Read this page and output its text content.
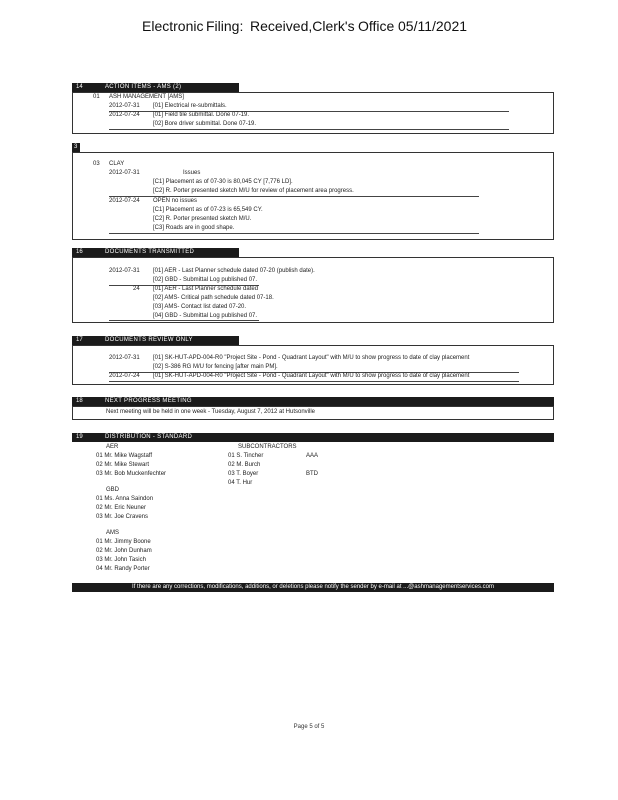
Electronic Filing: Received,Clerk's Office 05/11/2021
14	ACTION ITEMS - AMS (2)
01 ASH MANAGEMENT [AMS]
2012-07-31 [01] Electrical re-submittals.
2012-07-24 [01] Field tile submittal. Done 07-19.
[02] Bore driver submittal. Done 07-19.
3
03 CLAY
2012-07-31	Issues
[C1] Placement as of 07-30 is 80,045 CY [7,776 LD].
[C2] R. Porter presented sketch M/U for review of placement area progress.
2012-07-24 OPEN no issues
[C1] Placement as of 07-23 is 65,549 CY.
[C2] R. Porter presented sketch M/U.
[C3] Roads are in good shape.
16	DOCUMENTS TRANSMITTED
2012-07-31 [01] AER - Last Planner schedule dated 07-20 (publish date).
[02] GBD - Submittal Log published 07.
24 [01] AER - Last Planner schedule dated
[02] AMS- Critical path schedule dated 07-18.
[03] AMS- Contact list dated 07-20.
[04] GBD - Submittal Log published 07.
17	DOCUMENTS REVIEW ONLY
2012-07-31 [01] SK-HUT-APD-004-R0 "Project Site - Pond - Quadrant Layout" with M/U to show progress to date of clay placement
[02] S-386 RG M/U for fencing [after main PM].
2012-07-24 [01] SK-HUT-APD-004-R0 "Project Site - Pond - Quadrant Layout" with M/U to show progress to date of clay placement
18	NEXT PROGRESS MEETING
Next meeting will be held in one week - Tuesday, August 7, 2012 at Hutsonville
19	DISTRIBUTION - STANDARD
AER
01 Mr. Mike Wagstaff
02 Mr. Mike Stewart
03 Mr. Bob Muckenfechter
GBD
01 Ms. Anna Saindon
02 Mr. Eric Neuner
03 Mr. Joe Cravens
AMS
01 Mr. Jimmy Boone
02 Mr. John Dunham
03 Mr. John Tasich
04 Mr. Randy Porter
SUBCONTRACTORS
01 S. Tincher	AAA
02 M. Burch
03 T. Boyer	BTD
04 T. Hur
If there are any corrections, modifications, additions, or deletions please notify the sender by e-mail at ...@ashmanagementservices.com
Page 5 of 5
